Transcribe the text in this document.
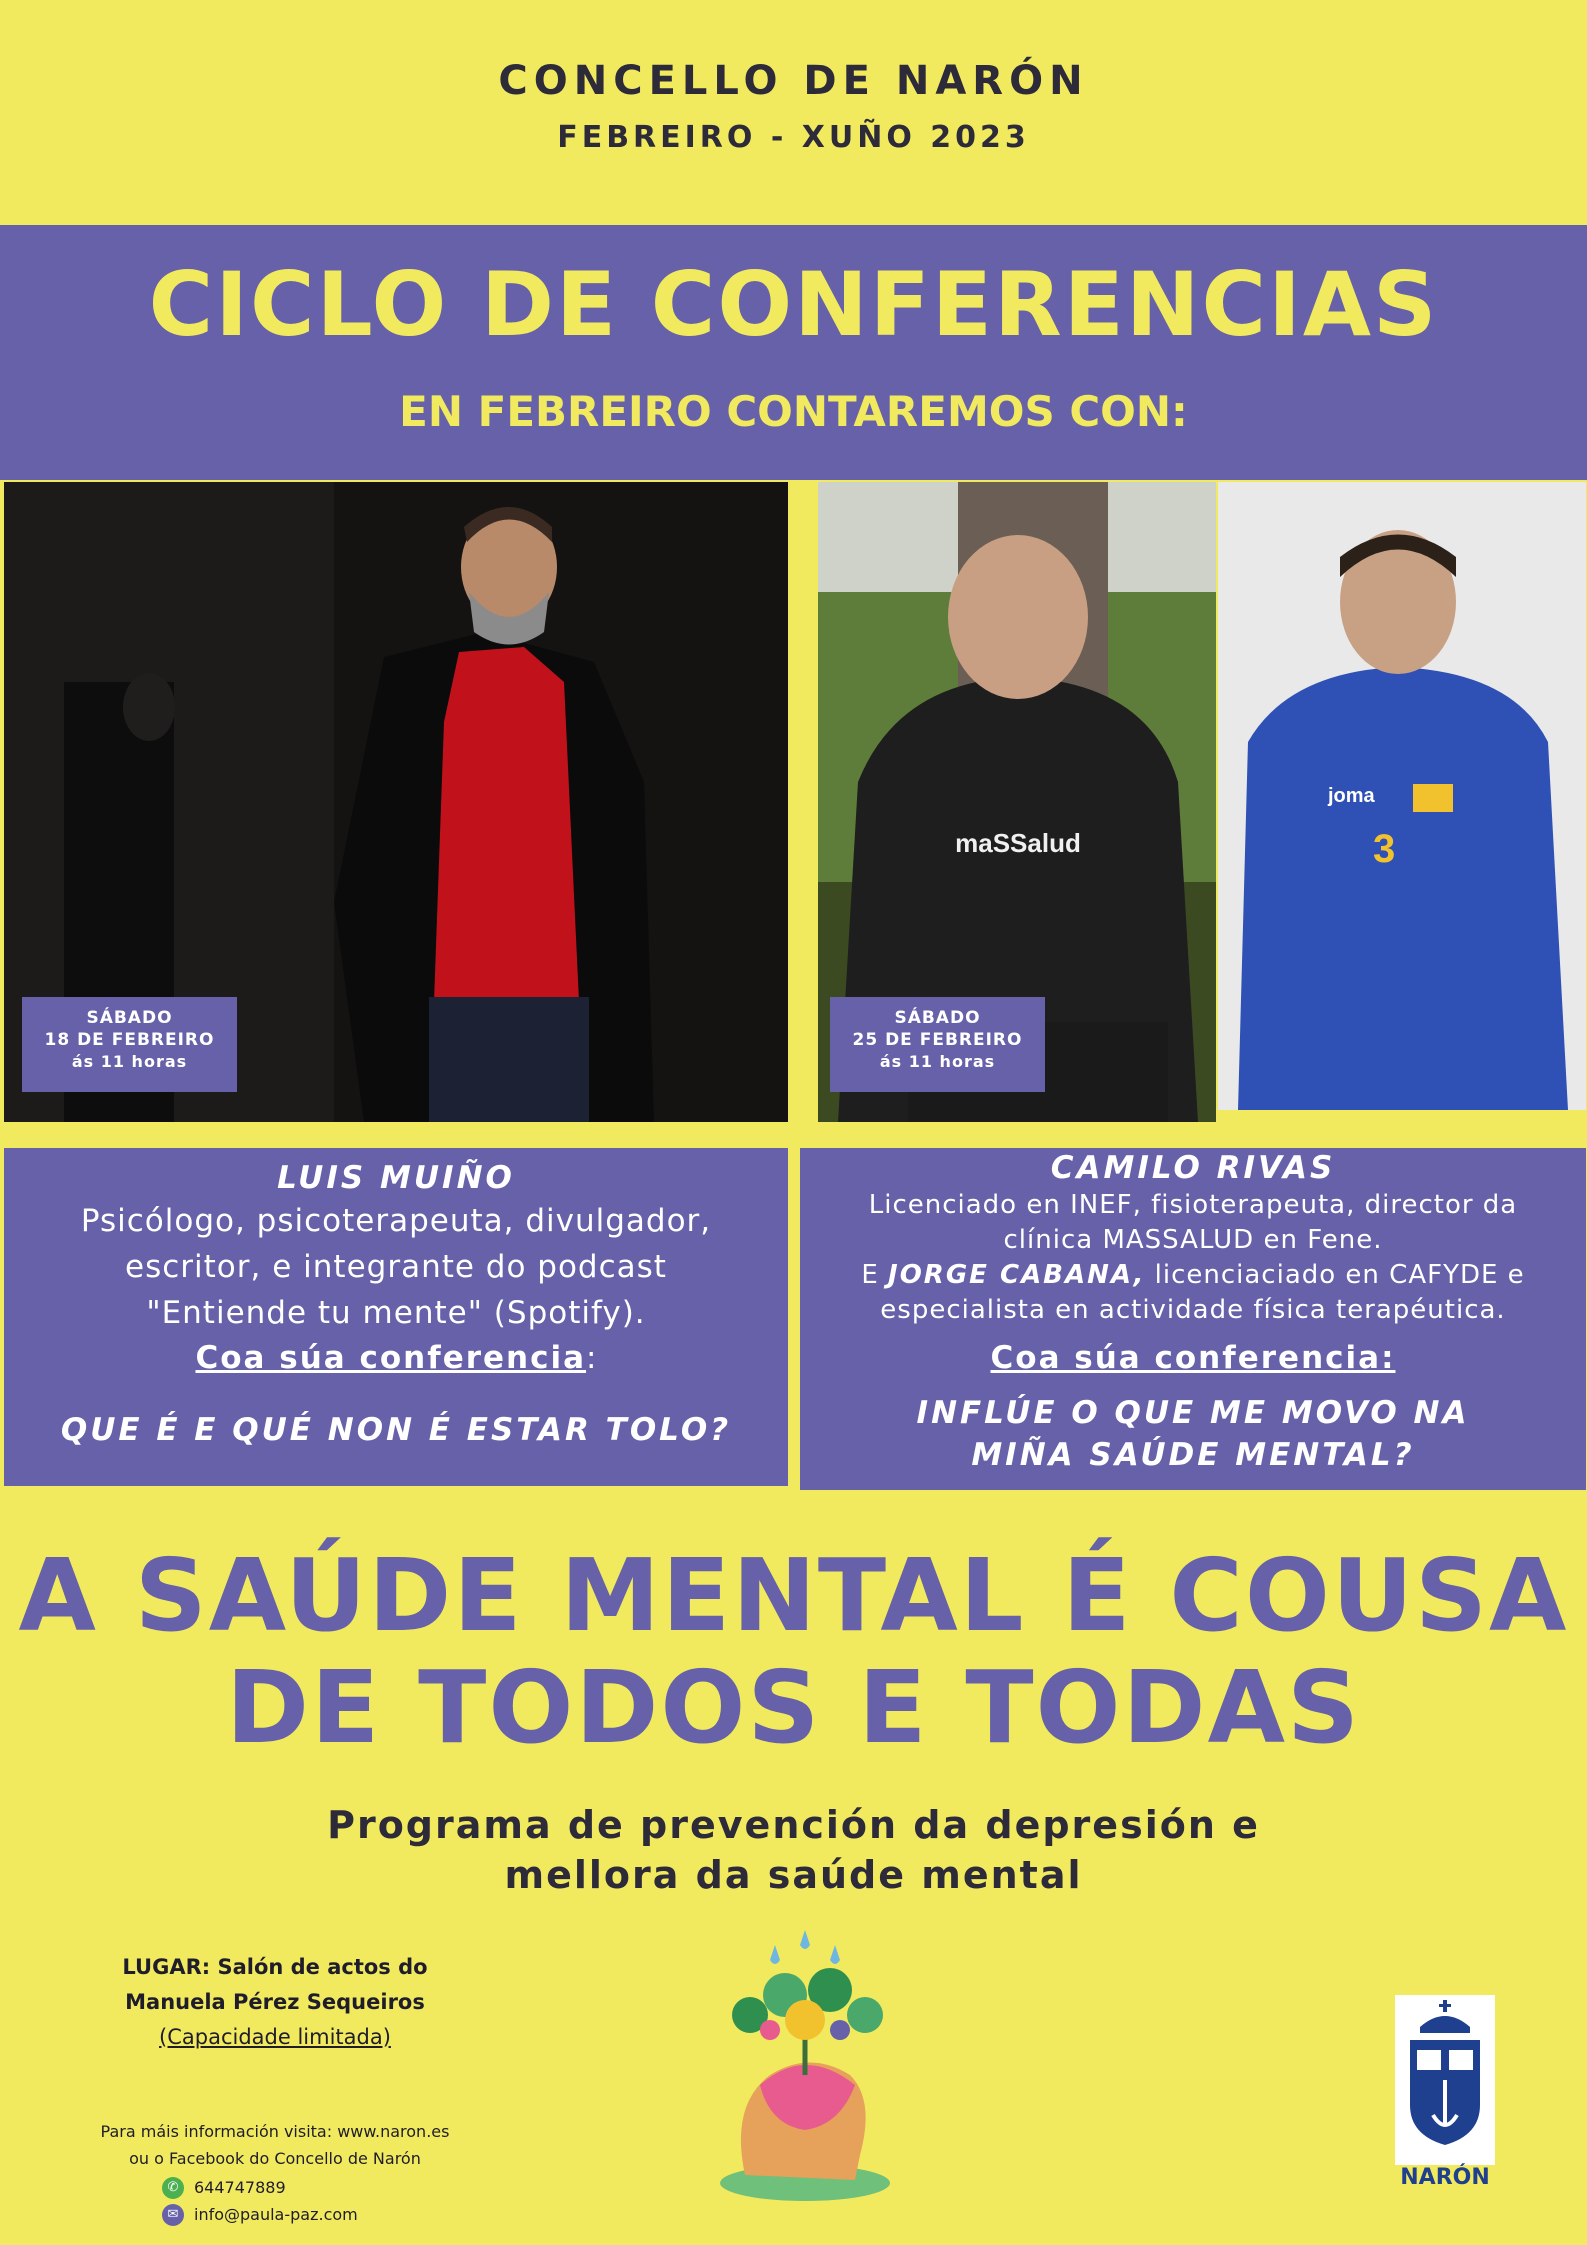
CONCELLO DE NARÓN
FEBREIRO - XUÑO 2023
CICLO DE CONFERENCIAS
EN FEBREIRO CONTAREMOS CON:
SÁBADO
18 DE FEBREIRO
ás 11 horas
maSSalud
SÁBADO
25 DE FEBREIRO
ás 11 horas
joma
3
LUIS MUIÑO
Psicólogo, psicoterapeuta, divulgador,
escritor, e integrante do podcast
"Entiende tu mente" (Spotify).
Coa súa conferencia:
QUE É E QUÉ NON É ESTAR TOLO?
CAMILO RIVAS
Licenciado en INEF, fisioterapeuta, director da
clínica MASSALUD en Fene.
E JORGE CABANA, licenciaciado en CAFYDE e
especialista en actividade física terapéutica.
Coa súa conferencia:
INFLÚE O QUE ME MOVO NA
MIÑA SAÚDE MENTAL?
A SAÚDE MENTAL É COUSA
DE TODOS E TODAS
Programa de prevención da depresión e
mellora da saúde mental
LUGAR: Salón de actos do
Manuela Pérez Sequeiros
(Capacidade limitada)
Para máis información visita: www.naron.es
ou o Facebook do Concello de Narón
✆ 644747889
✉ info@paula-paz.com
NARÓN
